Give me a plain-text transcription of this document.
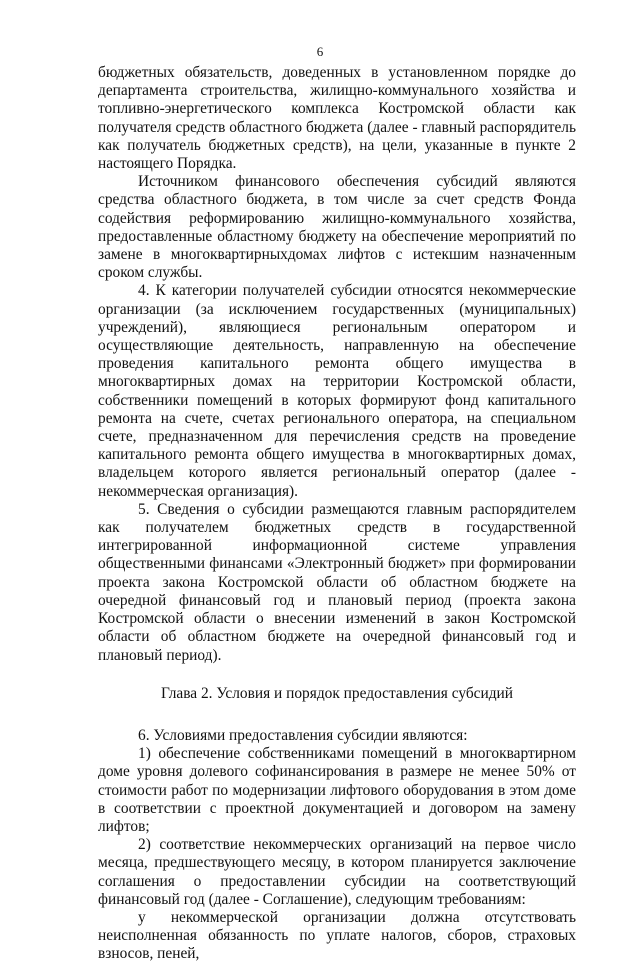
6

бюджетных обязательств, доведенных в установленном порядке до департамента строительства, жилищно-коммунального хозяйства и топливно-энергетического комплекса Костромской области как получателя средств областного бюджета (далее - главный распорядитель как получатель бюджетных средств), на цели, указанные в пункте 2 настоящего Порядка.

Источником финансового обеспечения субсидий являются средства областного бюджета, в том числе за счет средств Фонда содействия реформированию жилищно-коммунального хозяйства, предоставленные областному бюджету на обеспечение мероприятий по замене в многоквартирныхдомах лифтов с истекшим назначенным сроком службы.

4. К категории получателей субсидии относятся некоммерческие организации (за исключением государственных (муниципальных) учреждений), являющиеся региональным оператором и осуществляющие деятельность, направленную на обеспечение проведения капитального ремонта общего имущества в многоквартирных домах на территории Костромской области, собственники помещений в которых формируют фонд капитального ремонта на счете, счетах регионального оператора, на специальном счете, предназначенном для перечисления средств на проведение капитального ремонта общего имущества в многоквартирных домах, владельцем которого является региональный оператор (далее - некоммерческая организация).

5. Сведения о субсидии размещаются главным распорядителем как получателем бюджетных средств в государственной интегрированной информационной системе управления общественными финансами «Электронный бюджет» при формировании проекта закона Костромской области об областном бюджете на очередной финансовый год и плановый период (проекта закона Костромской области о внесении изменений в закон Костромской области об областном бюджете на очередной финансовый год и плановый период).

Глава 2. Условия и порядок предоставления субсидий

6. Условиями предоставления субсидии являются:

1) обеспечение собственниками помещений в многоквартирном доме уровня долевого софинансирования в размере не менее 50% от стоимости работ по модернизации лифтового оборудования в этом доме в соответствии с проектной документацией и договором на замену лифтов;

2) соответствие некоммерческих организаций на первое число месяца, предшествующего месяцу, в котором планируется заключение соглашения о предоставлении субсидии на соответствующий финансовый год (далее - Соглашение), следующим требованиям:

у некоммерческой организации должна отсутствовать неисполненная обязанность по уплате налогов, сборов, страховых взносов, пеней,
